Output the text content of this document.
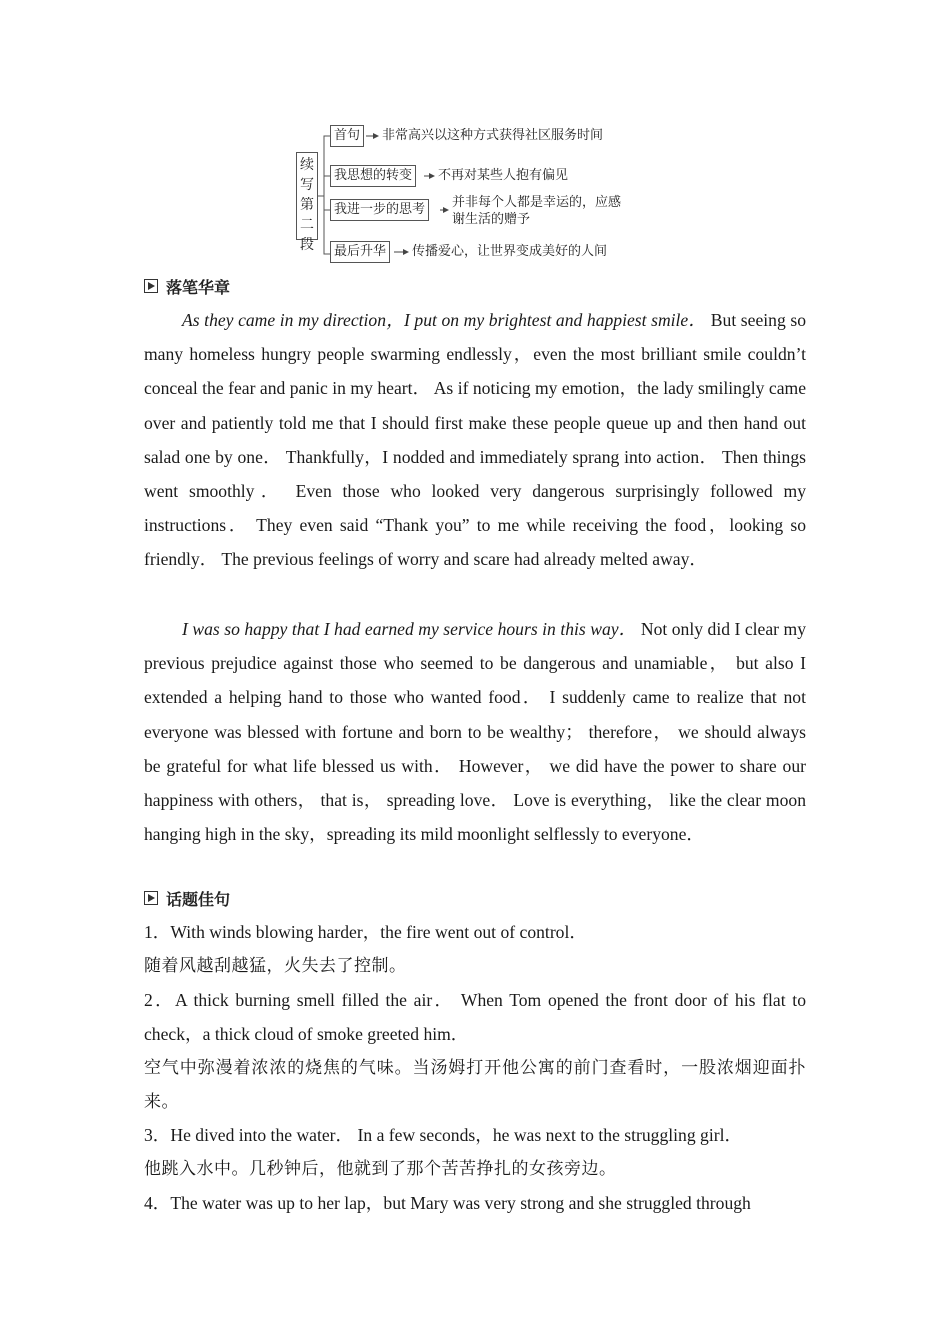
续写第二段
首句	非常高兴以这种方式获得社区服务时间
我思想的转变	不再对某些人抱有偏见
我进一步的思考	并非每个人都是幸运的，应感
谢生活的赠予
最后升华	传播爱心，让世界变成美好的人间
落笔华章

As they came in my direction，I put on my brightest and happiest smile． But seeing so many homeless hungry people swarming endlessly，even the most brilliant smile couldn’t conceal the fear and panic in my heart． As if noticing my emotion，the lady smilingly came over and patiently told me that I should first make these people queue up and then hand out salad one by one． Thankfully，I nodded and immediately sprang into action． Then things went smoothly． Even those who looked very dangerous surprisingly followed my instructions． They even said “Thank you” to me while receiving the food，looking so friendly． The previous feelings of worry and scare had already melted away．

I was so happy that I had earned my service hours in this way． Not only did I clear my previous prejudice against those who seemed to be dangerous and unamiable， but also I extended a helping hand to those who wanted food． I suddenly came to realize that not everyone was blessed with fortune and born to be wealthy； therefore， we should always be grateful for what life blessed us with． However， we did have the power to share our happiness with others， that is， spreading love． Love is everything， like the clear moon hanging high in the sky，spreading its mild moonlight selflessly to everyone．

话题佳句

1．With winds blowing harder，the fire went out of control．

随着风越刮越猛，火失去了控制。

2．A thick burning smell filled the air． When Tom opened the front door of his flat to check，a thick cloud of smoke greeted him．

空气中弥漫着浓浓的烧焦的气味。当汤姆打开他公寓的前门查看时，一股浓烟迎面扑来。

3．He dived into the water． In a few seconds，he was next to the struggling girl．

他跳入水中。几秒钟后，他就到了那个苦苦挣扎的女孩旁边。

4．The water was up to her lap，but Mary was very strong and she struggled through
